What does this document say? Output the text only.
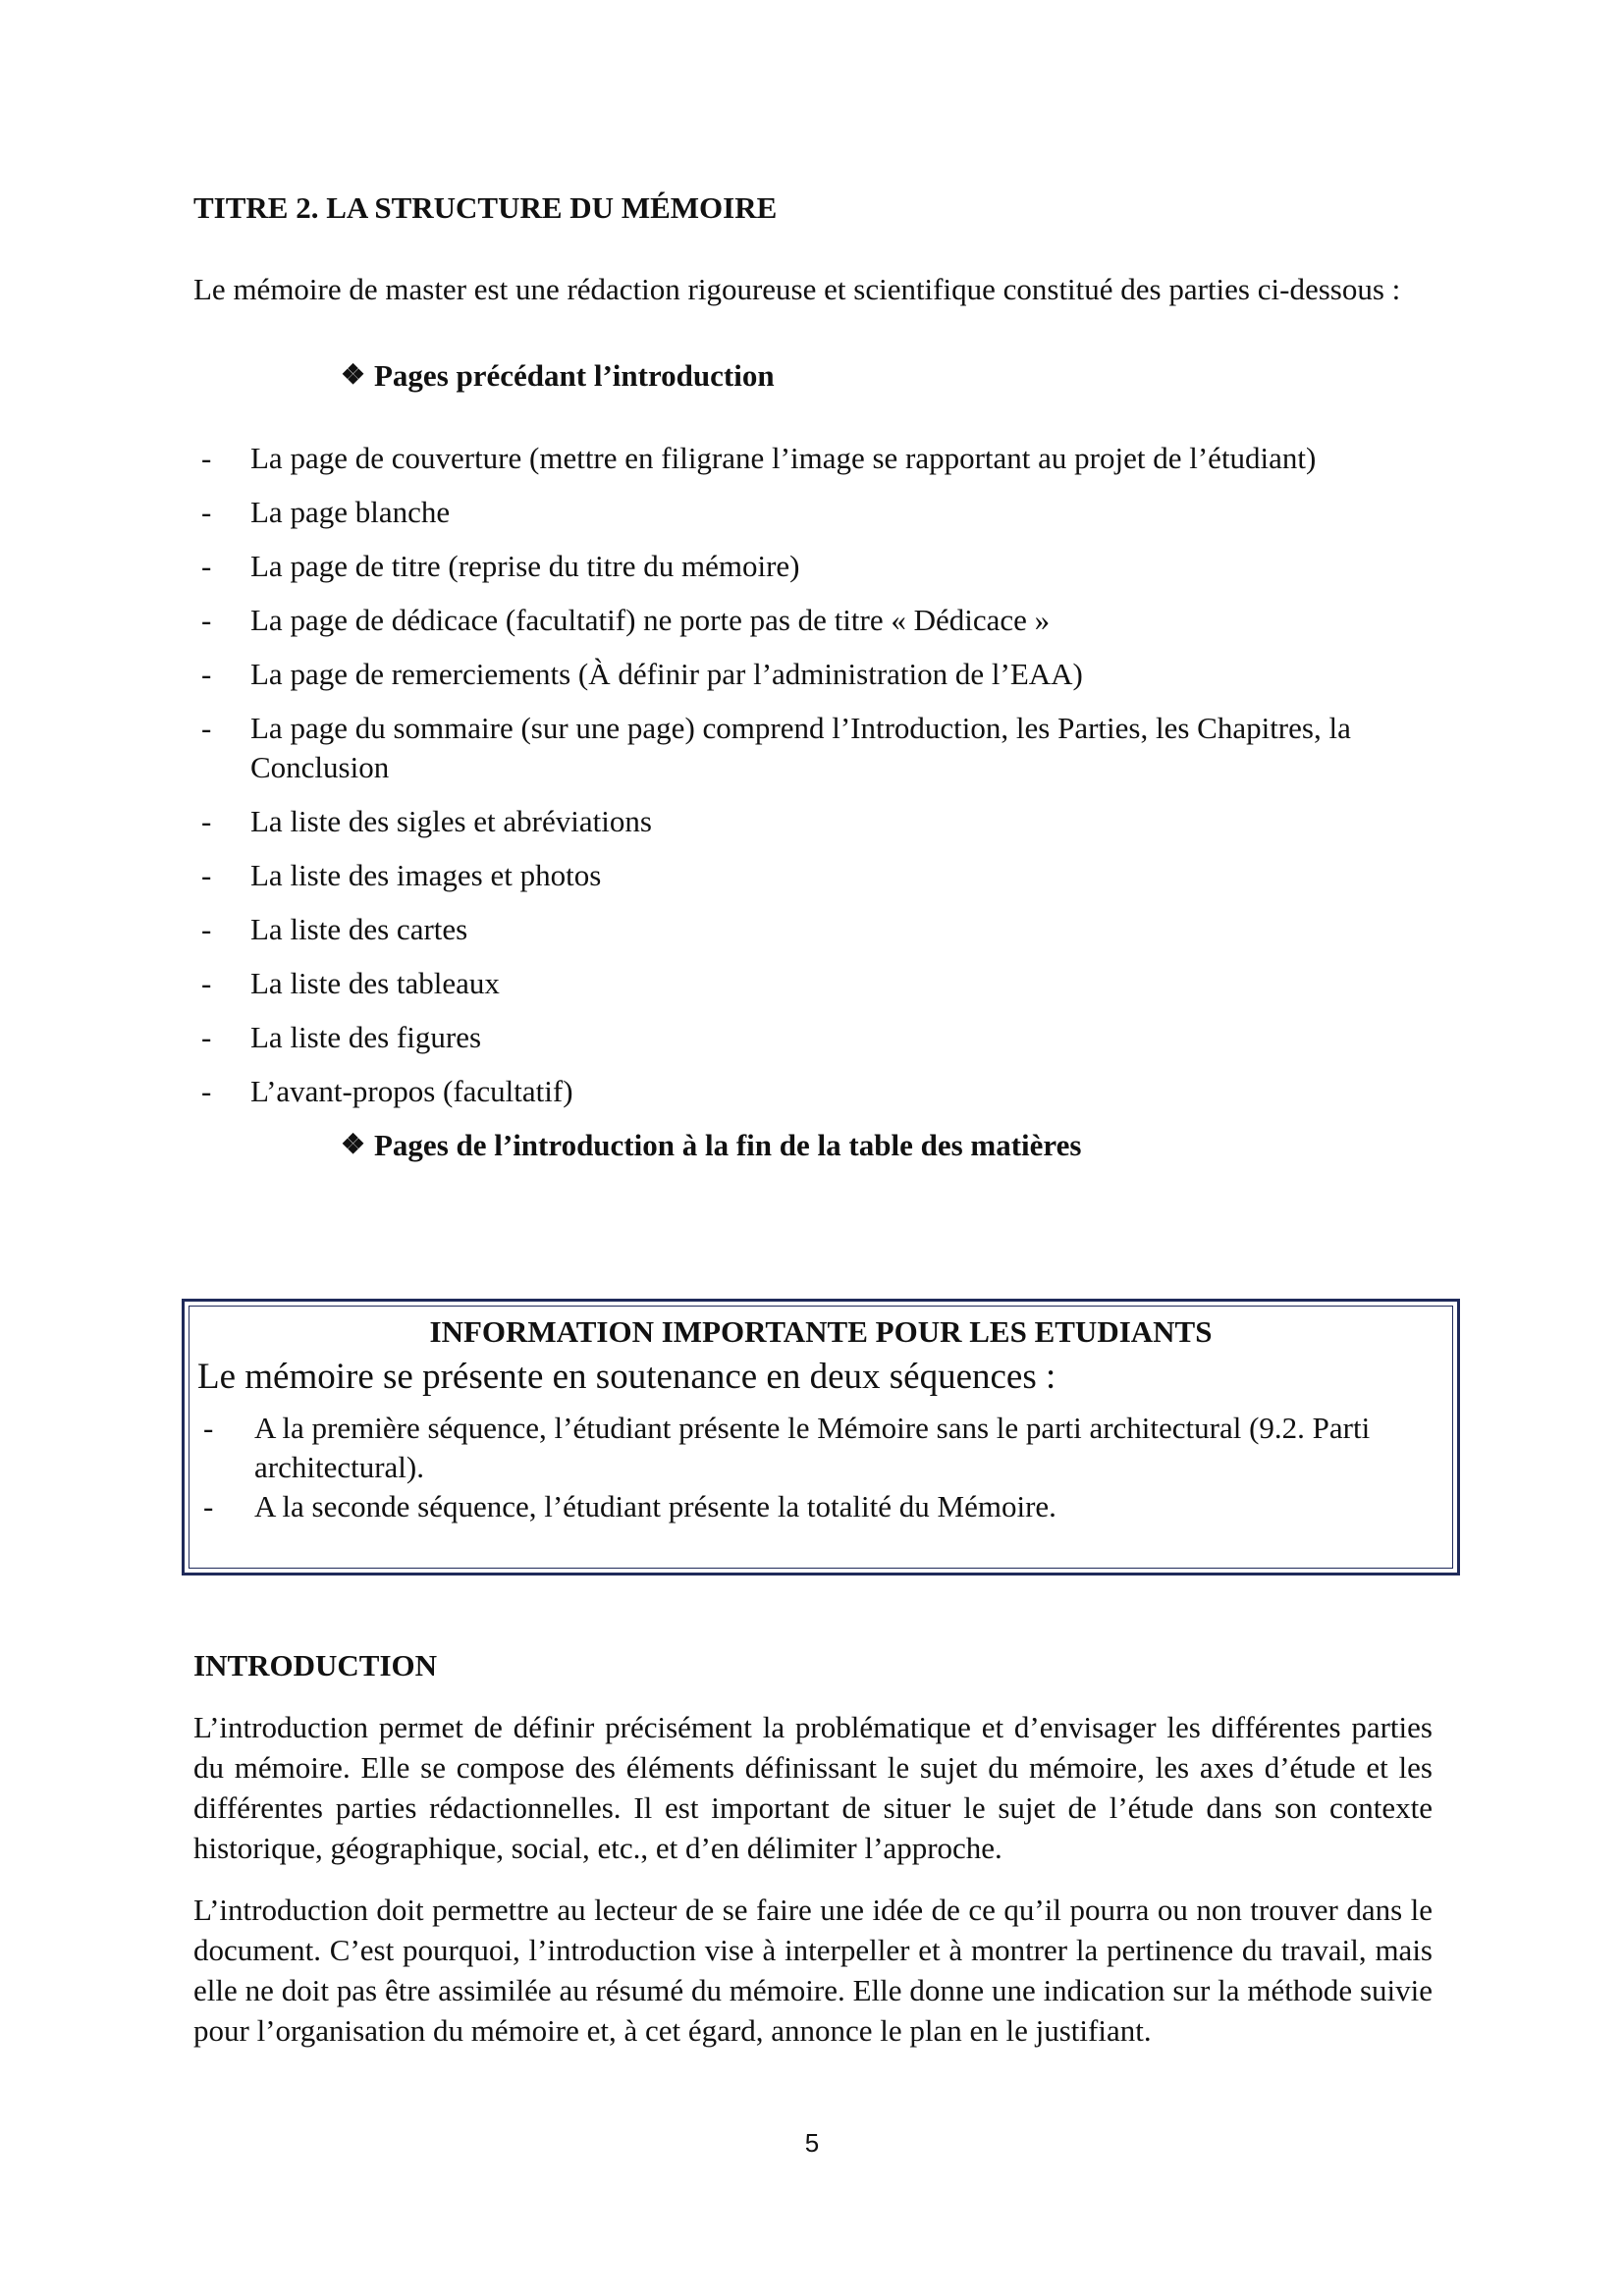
TITRE 2. LA STRUCTURE DU MÉMOIRE

Le mémoire de master est une rédaction rigoureuse et scientifique constitué des parties ci-dessous :

❖ Pages précédant l’introduction
- La page de couverture (mettre en filigrane l’image se rapportant au projet de l’étudiant)
- La page blanche
- La page de titre (reprise du titre du mémoire)
- La page de dédicace (facultatif) ne porte pas de titre « Dédicace »
- La page de remerciements (À définir par l’administration de l’EAA)
- La page du sommaire (sur une page) comprend l’Introduction, les Parties, les Chapitres, la Conclusion
- La liste des sigles et abréviations
- La liste des images et photos
- La liste des cartes
- La liste des tableaux
- La liste des figures
- L’avant-propos (facultatif)
❖ Pages de l’introduction à la fin de la table des matières
INFORMATION IMPORTANTE POUR LES ETUDIANTS
Le mémoire se présente en soutenance en deux séquences :
- A la première séquence, l’étudiant présente le Mémoire sans le parti architectural (9.2. Parti architectural).
- A la seconde séquence, l’étudiant présente la totalité du Mémoire.
INTRODUCTION

L’introduction permet de définir précisément la problématique et d’envisager les différentes parties du mémoire. Elle se compose des éléments définissant le sujet du mémoire, les axes d’étude et les différentes parties rédactionnelles. Il est important de situer le sujet de l’étude dans son contexte historique, géographique, social, etc., et d’en délimiter l’approche.

L’introduction doit permettre au lecteur de se faire une idée de ce qu’il pourra ou non trouver dans le document. C’est pourquoi, l’introduction vise à interpeller et à montrer la pertinence du travail, mais elle ne doit pas être assimilée au résumé du mémoire. Elle donne une indication sur la méthode suivie pour l’organisation du mémoire et, à cet égard, annonce le plan en le justifiant.

5
